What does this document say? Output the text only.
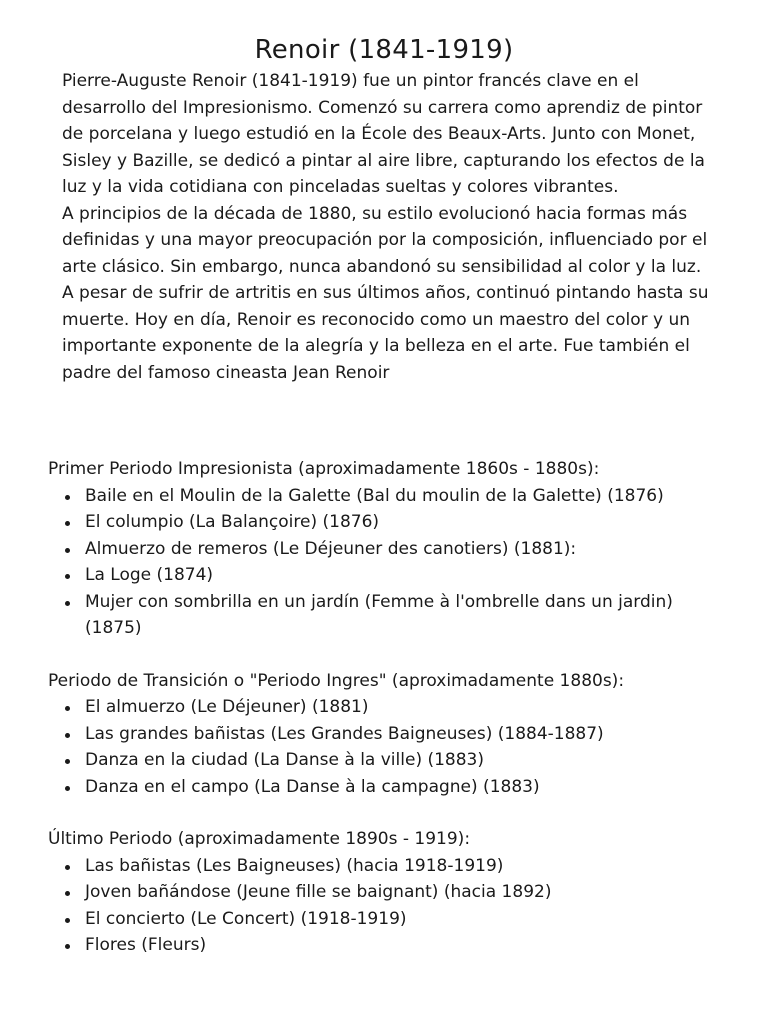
Renoir (1841-1919)

Pierre-Auguste Renoir (1841-1919) fue un pintor francés clave en el desarrollo del Impresionismo. Comenzó su carrera como aprendiz de pintor de porcelana y luego estudió en la École des Beaux-Arts. Junto con Monet, Sisley y Bazille, se dedicó a pintar al aire libre, capturando los efectos de la luz y la vida cotidiana con pinceladas sueltas y colores vibrantes.

A principios de la década de 1880, su estilo evolucionó hacia formas más definidas y una mayor preocupación por la composición, influenciado por el arte clásico. Sin embargo, nunca abandonó su sensibilidad al color y la luz.

A pesar de sufrir de artritis en sus últimos años, continuó pintando hasta su muerte. Hoy en día, Renoir es reconocido como un maestro del color y un importante exponente de la alegría y la belleza en el arte. Fue también el padre del famoso cineasta Jean Renoir

Primer Periodo Impresionista (aproximadamente 1860s - 1880s):

Baile en el Moulin de la Galette (Bal du moulin de la Galette) (1876)
El columpio (La Balançoire) (1876)
Almuerzo de remeros (Le Déjeuner des canotiers) (1881):
La Loge (1874)
Mujer con sombrilla en un jardín (Femme à l'ombrelle dans un jardin) (1875)

Periodo de Transición o "Periodo Ingres" (aproximadamente 1880s):

El almuerzo (Le Déjeuner) (1881)
Las grandes bañistas (Les Grandes Baigneuses) (1884-1887)
Danza en la ciudad (La Danse à la ville) (1883)
Danza en el campo (La Danse à la campagne) (1883)

Último Periodo (aproximadamente 1890s - 1919):

Las bañistas (Les Baigneuses) (hacia 1918-1919)
Joven bañándose (Jeune fille se baignant) (hacia 1892)
El concierto (Le Concert) (1918-1919)
Flores (Fleurs)
